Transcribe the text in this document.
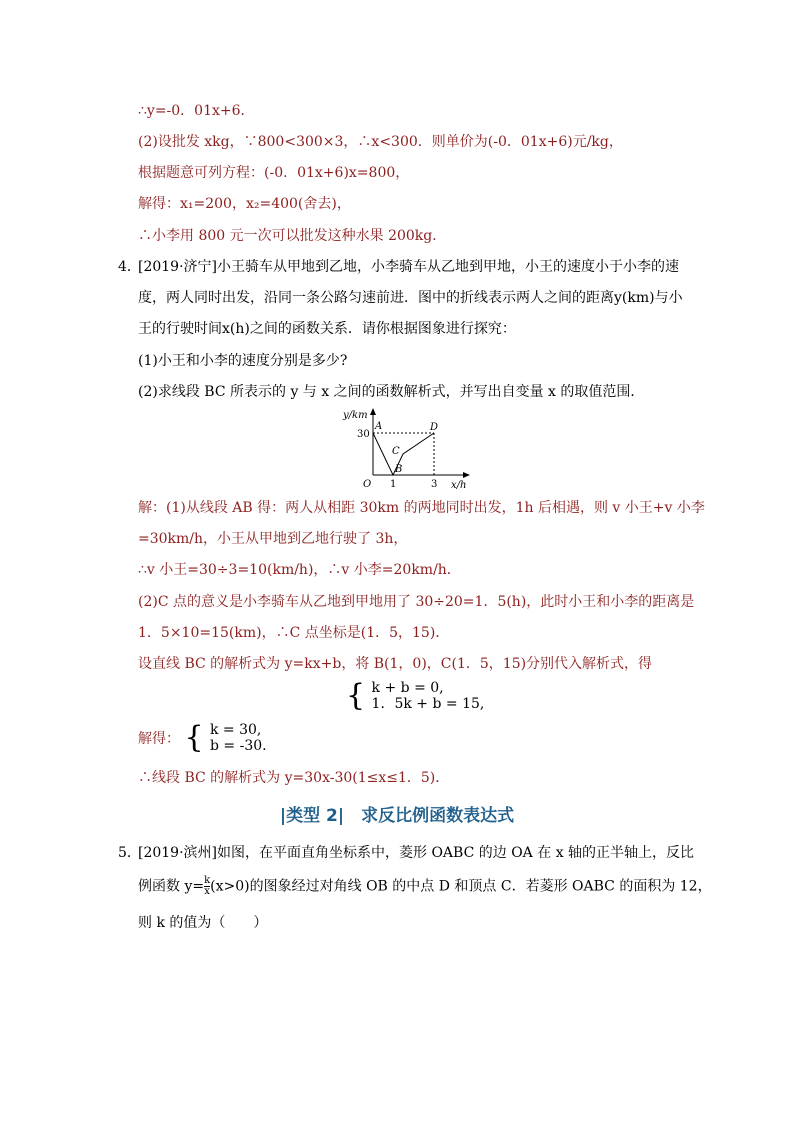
∴y=-0．01x+6．
(2)设批发 xkg，∵800<300×3，∴x<300．则单价为(-0．01x+6)元/kg，
根据题意可列方程：(-0．01x+6)x=800，
解得：x₁=200，x₂=400(舍去)，
∴小李用 800 元一次可以批发这种水果 200kg．
4．
[2019·济宁]小王骑车从甲地到乙地，小李骑车从乙地到甲地，小王的速度小于小李的速
度，两人同时出发，沿同一条公路匀速前进．图中的折线表示两人之间的距离y(km)与小
王的行驶时间x(h)之间的函数关系．请你根据图象进行探究：
(1)小王和小李的速度分别是多少?
(2)求线段 BC 所表示的 y 与 x 之间的函数解析式，并写出自变量 x 的取值范围．
y/km
x/h
O
30
1	3
A
B
C
D
解：(1)从线段 AB 得：两人从相距 30km 的两地同时出发，1h 后相遇，则 v 小王+v 小李
=30km/h，小王从甲地到乙地行驶了 3h，
∴v 小王=30÷3=10(km/h)，∴v 小李=20km/h．
(2)C 点的意义是小李骑车从乙地到甲地用了 30÷20=1．5(h)，此时小王和小李的距离是
1．5×10=15(km)，∴C 点坐标是(1．5，15)．
设直线 BC 的解析式为 y=kx+b，将 B(1，0)，C(1．5，15)分别代入解析式，得
{ k + b = 0,
1．5k + b = 15,
解得： { k = 30,
b = -30.
∴线段 BC 的解析式为 y=30x-30(1≤x≤1．5)．
|类型 2|　求反比例函数表达式
5．
[2019·滨州]如图，在平面直角坐标系中，菱形 OABC 的边 OA 在 x 轴的正半轴上，反比
例函数 $y= \frac{k}{x} (x>0)$的图象经过对角线 OB 的中点 D 和顶点 C．若菱形 OABC 的面积为 12，
则 k 的值为（　　）
